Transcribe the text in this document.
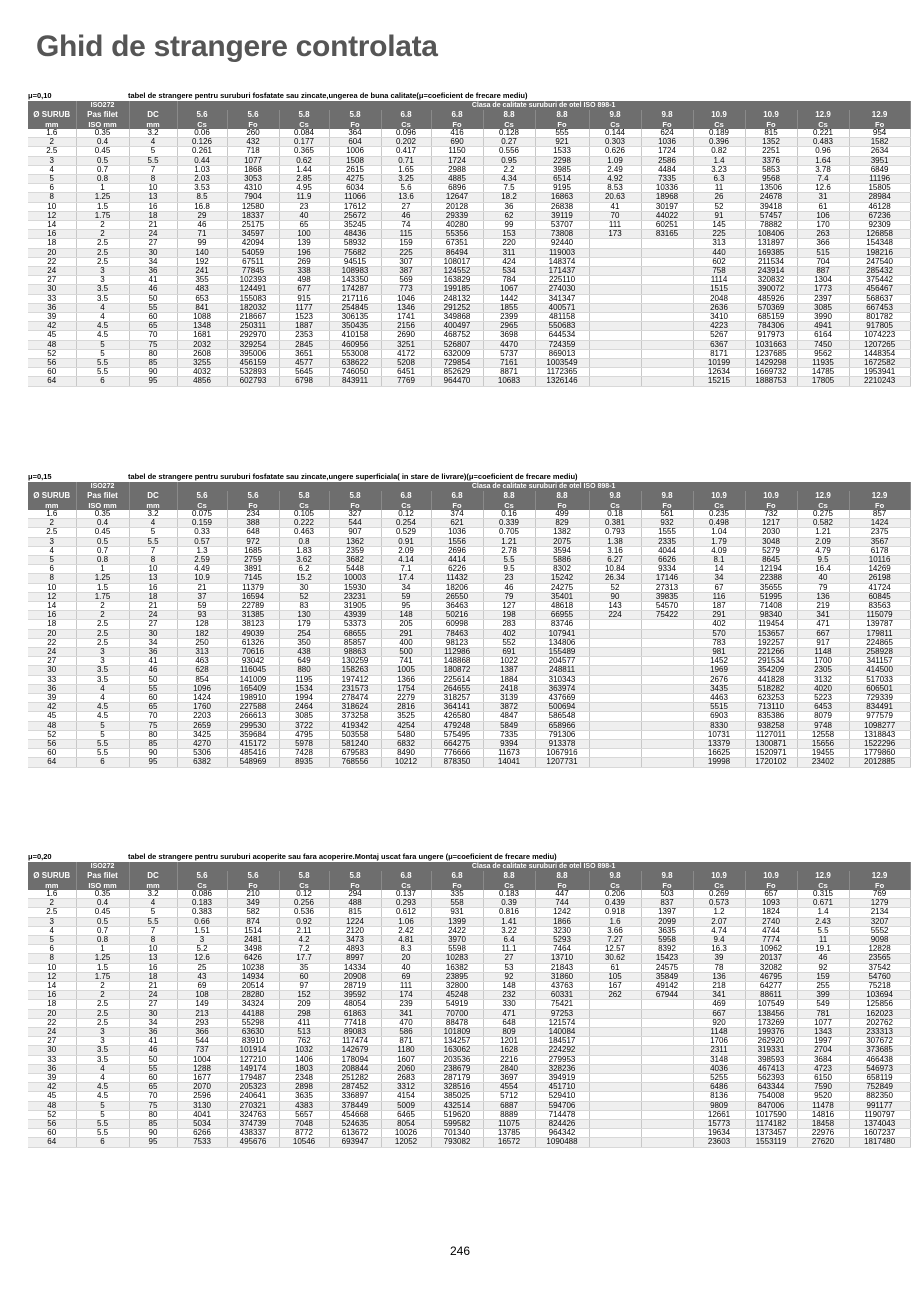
Ghid de strangere controlata
μ=0,10	tabel de strangere pentru suruburi fosfatate sau zincate,ungerea de buna calitate(μ=coeficient de frecare mediu)
	ISO272		Clasa de calitate suruburi de otel ISO 898-1													
Ø SURUB	Pas filet	DC	5.6	5.6	5.8	5.8	6.8	6.8	8.8	8.8	9.8	9.8	10.9	10.9	12.9	12.9
mm	ISO mm	mm	Cs	Fo	Cs	Fo	Cs	Fo	Cs	Fo	Cs	Fo	Cs	Fo	Cs	Fo
1.6	0.35	3.2	0.06	260	0.084	364	0.096	416	0.128	555	0.144	624	0.189	815	0.221	954
2	0.4	4	0.126	432	0.177	604	0.202	690	0.27	921	0.303	1036	0.396	1352	0.483	1582
2.5	0.45	5	0.261	718	0.365	1006	0.417	1150	0.556	1533	0.626	1724	0.82	2251	0.96	2634
3	0.5	5.5	0.44	1077	0.62	1508	0.71	1724	0.95	2298	1.09	2586	1.4	3376	1.64	3951
4	0.7	7	1.03	1868	1.44	2615	1.65	2988	2.2	3985	2.49	4484	3.23	5853	3.78	6849
5	0.8	8	2.03	3053	2.85	4275	3.25	4885	4.34	6514	4.92	7335	6.3	9568	7.4	11196
6	1	10	3.53	4310	4.95	6034	5.6	6896	7.5	9195	8.53	10336	11	13506	12.6	15805
8	1.25	13	8.5	7904	11.9	11066	13.6	12647	18.2	16863	20.63	18968	26	24678	31	28984
10	1.5	16	16.8	12580	23	17612	27	20128	36	26838	41	30197	52	39418	61	46128
12	1.75	18	29	18337	40	25672	46	29339	62	39119	70	44022	91	57457	106	67236
14	2	21	46	25175	65	35245	74	40280	99	53707	111	60251	145	78882	170	92309
16	2	24	71	34597	100	48436	115	55356	153	73808	173	83165	225	108406	263	126858
18	2.5	27	99	42094	139	58932	159	67351	220	92440			313	131897	366	154348
20	2.5	30	140	54059	196	75682	225	86494	311	119003			440	169385	515	198216
22	2.5	34	192	67511	269	94515	307	108017	424	148374			602	211534	704	247540
24	3	36	241	77845	338	108983	387	124552	534	171437			758	243914	887	285432
27	3	41	355	102393	498	143350	569	163829	784	225110			1114	320832	1304	375442
30	3.5	46	483	124491	677	174287	773	199185	1067	274030			1515	390072	1773	456467
33	3.5	50	653	155083	915	217116	1046	248132	1442	341347			2048	485926	2397	568637
36	4	55	841	182032	1177	254845	1346	291252	1855	400571			2636	570369	3085	667453
39	4	60	1088	218667	1523	306135	1741	349868	2399	481158			3410	685159	3990	801782
42	4.5	65	1348	250311	1887	350435	2156	400497	2965	550683			4223	784306	4941	917805
45	4.5	70	1681	292970	2353	410158	2690	468752	3698	644534			5267	917973	6164	1074223
48	5	75	2032	329254	2845	460956	3251	526807	4470	724359			6367	1031663	7450	1207265
52	5	80	2608	395006	3651	553008	4172	632009	5737	869013			8171	1237685	9562	1448354
56	5.5	85	3255	456159	4577	638622	5208	729854	7161	1003549			10199	1429298	11935	1672582
60	5.5	90	4032	532893	5645	746050	6451	852629	8871	1172365			12634	1669732	14785	1953941
64	6	95	4856	602793	6798	843911	7769	964470	10683	1326146			15215	1888753	17805	2210243
μ=0,15	tabel de strangere pentru suruburi fosfatate sau zincate,ungere superficiala( in stare de livrare)(μ=coeficient de frecare mediu)
	ISO272		Clasa de calitate suruburi de otel ISO 898-1													
Ø SURUB	Pas filet	DC	5.6	5.6	5.8	5.8	6.8	6.8	8.8	8.8	9.8	9.8	10.9	10.9	12.9	12.9
mm	ISO mm	mm	Cs	Fo	Cs	Fo	Cs	Fo	Cs	Fo	Cs	Fo	Cs	Fo	Cs	Fo
1.6	0.35	3.2	0.075	234	0.105	327	0.12	374	0.16	499	0.18	561	0.235	732	0.275	857
2	0.4	4	0.159	388	0.222	544	0.254	621	0.339	829	0.381	932	0.498	1217	0.582	1424
2.5	0.45	5	0.33	648	0.463	907	0.529	1036	0.705	1382	0.793	1555	1.04	2030	1.21	2375
3	0.5	5.5	0.57	972	0.8	1362	0.91	1556	1.21	2075	1.38	2335	1.79	3048	2.09	3567
4	0.7	7	1.3	1685	1.83	2359	2.09	2696	2.78	3594	3.16	4044	4.09	5279	4.79	6178
5	0.8	8	2.59	2759	3.62	3682	4.14	4414	5.5	5886	6.27	6626	8.1	8645	9.5	10116
6	1	10	4.49	3891	6.2	5448	7.1	6226	9.5	8302	10.84	9334	14	12194	16.4	14269
8	1.25	13	10.9	7145	15.2	10003	17.4	11432	23	15242	26.34	17146	34	22388	40	26198
10	1.5	16	21	11379	30	15930	34	18206	46	24275	52	27313	67	35655	79	41724
12	1.75	18	37	16594	52	23231	59	26550	79	35401	90	39835	116	51995	136	60845
14	2	21	59	22789	83	31905	95	36463	127	48618	143	54570	187	71408	219	83563
16	2	24	93	31385	130	43939	148	50216	198	66955	224	75422	291	98340	341	115079
18	2.5	27	128	38123	179	53373	205	60998	283	83746			402	119454	471	139787
20	2.5	30	182	49039	254	68655	291	78463	402	107941			570	153657	667	179811
22	2.5	34	250	61326	350	85857	400	98123	552	134806			783	192257	917	224865
24	3	36	313	70616	438	98863	500	112986	691	155489			981	221266	1148	258928
27	3	41	463	93042	649	130259	741	148868	1022	204577			1452	291534	1700	341157
30	3.5	46	628	116045	880	158263	1005	180872	1387	248811			1969	354209	2305	414500
33	3.5	50	854	141009	1195	197412	1366	225614	1884	310343			2676	441828	3132	517033
36	4	55	1096	165409	1534	231573	1754	264655	2418	363974			3435	518282	4020	606501
39	4	60	1424	198910	1994	278474	2279	318257	3139	437669			4463	623253	5223	729339
42	4.5	65	1760	227588	2464	318624	2816	364141	3872	500694			5515	713110	6453	834491
45	4.5	70	2203	266613	3085	373258	3525	426580	4847	586548			6903	835386	8079	977579
48	5	75	2659	299530	3722	419342	4254	479248	5849	658966			8330	938258	9748	1098277
52	5	80	3425	359684	4795	503558	5480	575495	7335	791306			10731	1127011	12558	1318843
56	5.5	85	4270	415172	5978	581240	6832	664275	9394	913378			13379	1300871	15656	1522296
60	5.5	90	5306	485416	7428	679583	8490	776666	11673	1067916			16625	1520971	19455	1779860
64	6	95	6382	548969	8935	768556	10212	878350	14041	1207731			19998	1720102	23402	2012885
μ=0,20	tabel de strangere pentru suruburi acoperite sau fara acoperire.Montaj uscat fara ungere (μ=coeficient de frecare mediu)
	ISO272		Clasa de calitate suruburi de otel ISO 898-1													
Ø SURUB	Pas filet	DC	5.6	5.6	5.8	5.8	6.8	6.8	8.8	8.8	9.8	9.8	10.9	10.9	12.9	12.9
mm	ISO mm	mm	Cs	Fo	Cs	Fo	Cs	Fo	Cs	Fo	Cs	Fo	Cs	Fo	Cs	Fo
1.6	0.35	3.2	0.086	210	0.12	294	0.137	335	0.183	447	0.206	503	0.269	657	0.315	769
2	0.4	4	0.183	349	0.256	488	0.293	558	0.39	744	0.439	837	0.573	1093	0.671	1279
2.5	0.45	5	0.383	582	0.536	815	0.612	931	0.816	1242	0.918	1397	1.2	1824	1.4	2134
3	0.5	5.5	0.66	874	0.92	1224	1.06	1399	1.41	1866	1.6	2099	2.07	2740	2.43	3207
4	0.7	7	1.51	1514	2.11	2120	2.42	2422	3.22	3230	3.66	3635	4.74	4744	5.5	5552
5	0.8	8	3	2481	4.2	3473	4.81	3970	6.4	5293	7.27	5958	9.4	7774	11	9098
6	1	10	5.2	3498	7.2	4893	8.3	5598	11.1	7464	12.57	8392	16.3	10962	19.1	12828
8	1.25	13	12.6	6426	17.7	8997	20	10283	27	13710	30.62	15423	39	20137	46	23565
10	1.5	16	25	10238	35	14334	40	16382	53	21843	61	24575	78	32082	92	37542
12	1.75	18	43	14934	60	20908	69	23895	92	31860	105	35849	136	46795	159	54760
14	2	21	69	20514	97	28719	111	32800	148	43763	167	49142	218	64277	255	75218
16	2	24	108	28280	152	39592	174	45248	232	60331	262	67944	341	88611	399	103694
18	2.5	27	149	34324	209	48054	239	54919	330	75421			469	107549	549	125856
20	2.5	30	213	44188	298	61863	341	70700	471	97253			667	138456	781	162023
22	2.5	34	293	55298	411	77418	470	88478	648	121574			920	173269	1077	202762
24	3	36	366	63630	513	89083	586	101809	809	140084			1148	199376	1343	233313
27	3	41	544	83910	762	117474	871	134257	1201	184517			1706	262920	1997	307672
30	3.5	46	737	101914	1032	142679	1180	163062	1628	224292			2311	319331	2704	373685
33	3.5	50	1004	127210	1406	178094	1607	203536	2216	279953			3148	398593	3684	466438
36	4	55	1288	149174	1803	208844	2060	238679	2840	328236			4036	467413	4723	546973
39	4	60	1677	179487	2348	251282	2683	287179	3697	394919			5255	562393	6150	658119
42	4.5	65	2070	205323	2898	287452	3312	328516	4554	451710			6486	643344	7590	752849
45	4.5	70	2596	240641	3635	336897	4154	385025	5712	529410			8136	754008	9520	882350
48	5	75	3130	270321	4383	378449	5009	432514	6887	594706			9809	847006	11478	991177
52	5	80	4041	324763	5657	454668	6465	519620	8889	714478			12661	1017590	14816	1190797
56	5.5	85	5034	374739	7048	524635	8054	599582	11075	824426			15773	1174182	18458	1374043
60	5.5	90	6266	438337	8772	613672	10026	701340	13785	964342			19634	1373457	22976	1607237
64	6	95	7533	495676	10546	693947	12052	793082	16572	1090488			23603	1553119	27620	1817480
246
